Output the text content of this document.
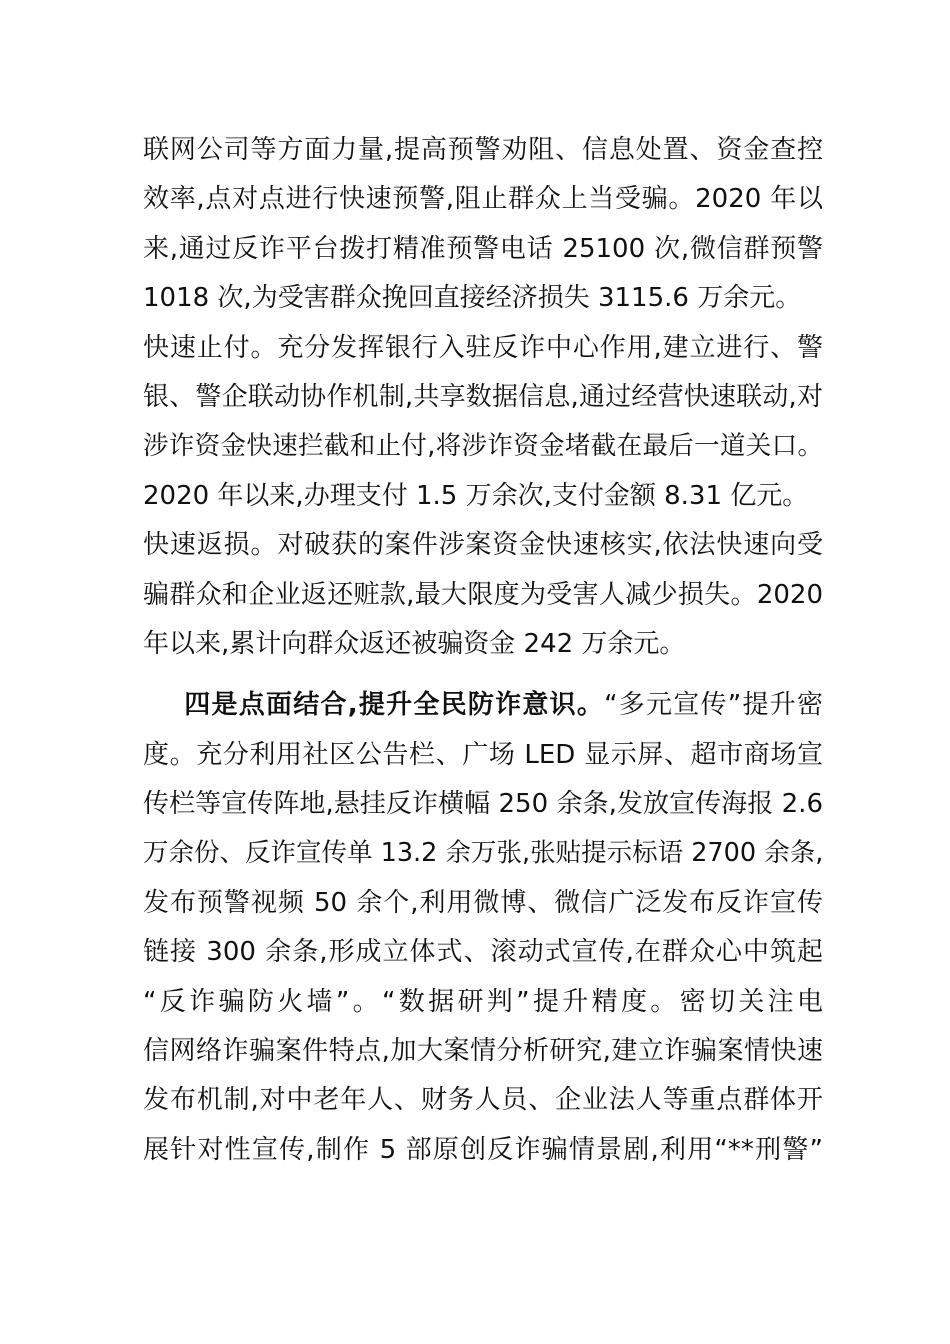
联网公司等方面力量,提高预警劝阻、信息处置、资金查控
效率,点对点进行快速预警,阻止群众上当受骗。2020 年以
来,通过反诈平台拨打精准预警电话 25100 次,微信群预警
1018 次,为受害群众挽回直接经济损失 3115.6 万余元。
快速止付。充分发挥银行入驻反诈中心作用,建立进行、警
银、警企联动协作机制,共享数据信息,通过经营快速联动,对
涉诈资金快速拦截和止付,将涉诈资金堵截在最后一道关口。
2020 年以来,办理支付 1.5 万余次,支付金额 8.31 亿元。
快速返损。对破获的案件涉案资金快速核实,依法快速向受
骗群众和企业返还赃款,最大限度为受害人减少损失。2020
年以来,累计向群众返还被骗资金 242 万余元。
四是点面结合,提升全民防诈意识。“多元宣传”提升密
度。充分利用社区公告栏、广场 LED 显示屏、超市商场宣
传栏等宣传阵地,悬挂反诈横幅 250 余条,发放宣传海报 2.6
万余份、反诈宣传单 13.2 余万张,张贴提示标语 2700 余条,
发布预警视频 50 余个,利用微博、微信广泛发布反诈宣传
链接 300 余条,形成立体式、滚动式宣传,在群众心中筑起
“反诈骗防火墙”。“数据研判”提升精度。密切关注电
信网络诈骗案件特点,加大案情分析研究,建立诈骗案情快速
发布机制,对中老年人、财务人员、企业法人等重点群体开
展针对性宣传,制作 5 部原创反诈骗情景剧,利用“**刑警”
